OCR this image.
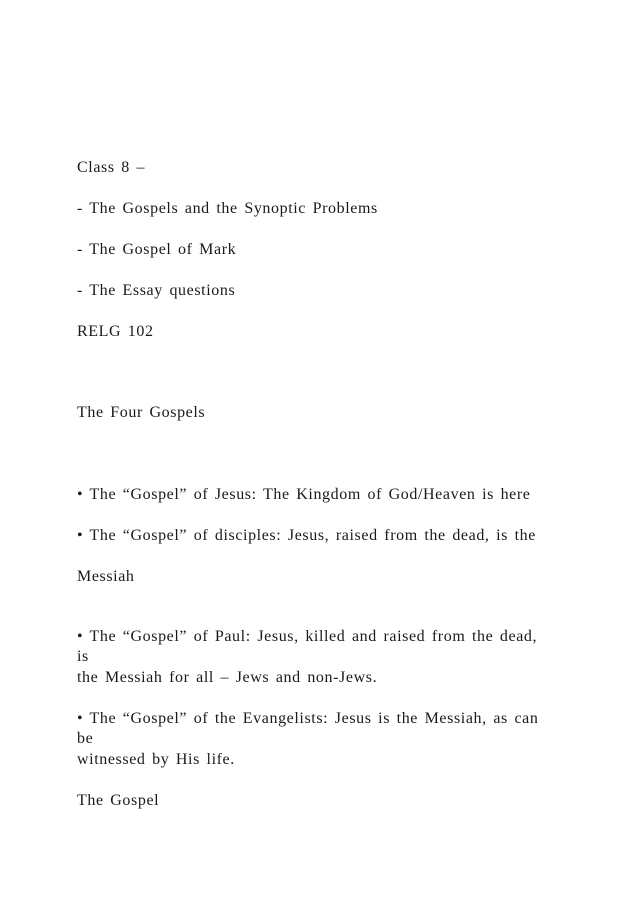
Class 8 –
- The Gospels and the Synoptic Problems
- The Gospel of Mark
- The Essay questions
RELG 102
The Four Gospels
• The “Gospel” of Jesus: The Kingdom of God/Heaven is here
• The “Gospel” of disciples: Jesus, raised from the dead, is the
Messiah
• The “Gospel” of Paul: Jesus, killed and raised from the dead,
is
the Messiah for all – Jews and non-Jews.
• The “Gospel” of the Evangelists: Jesus is the Messiah, as can
be
witnessed by His life.
The Gospel
